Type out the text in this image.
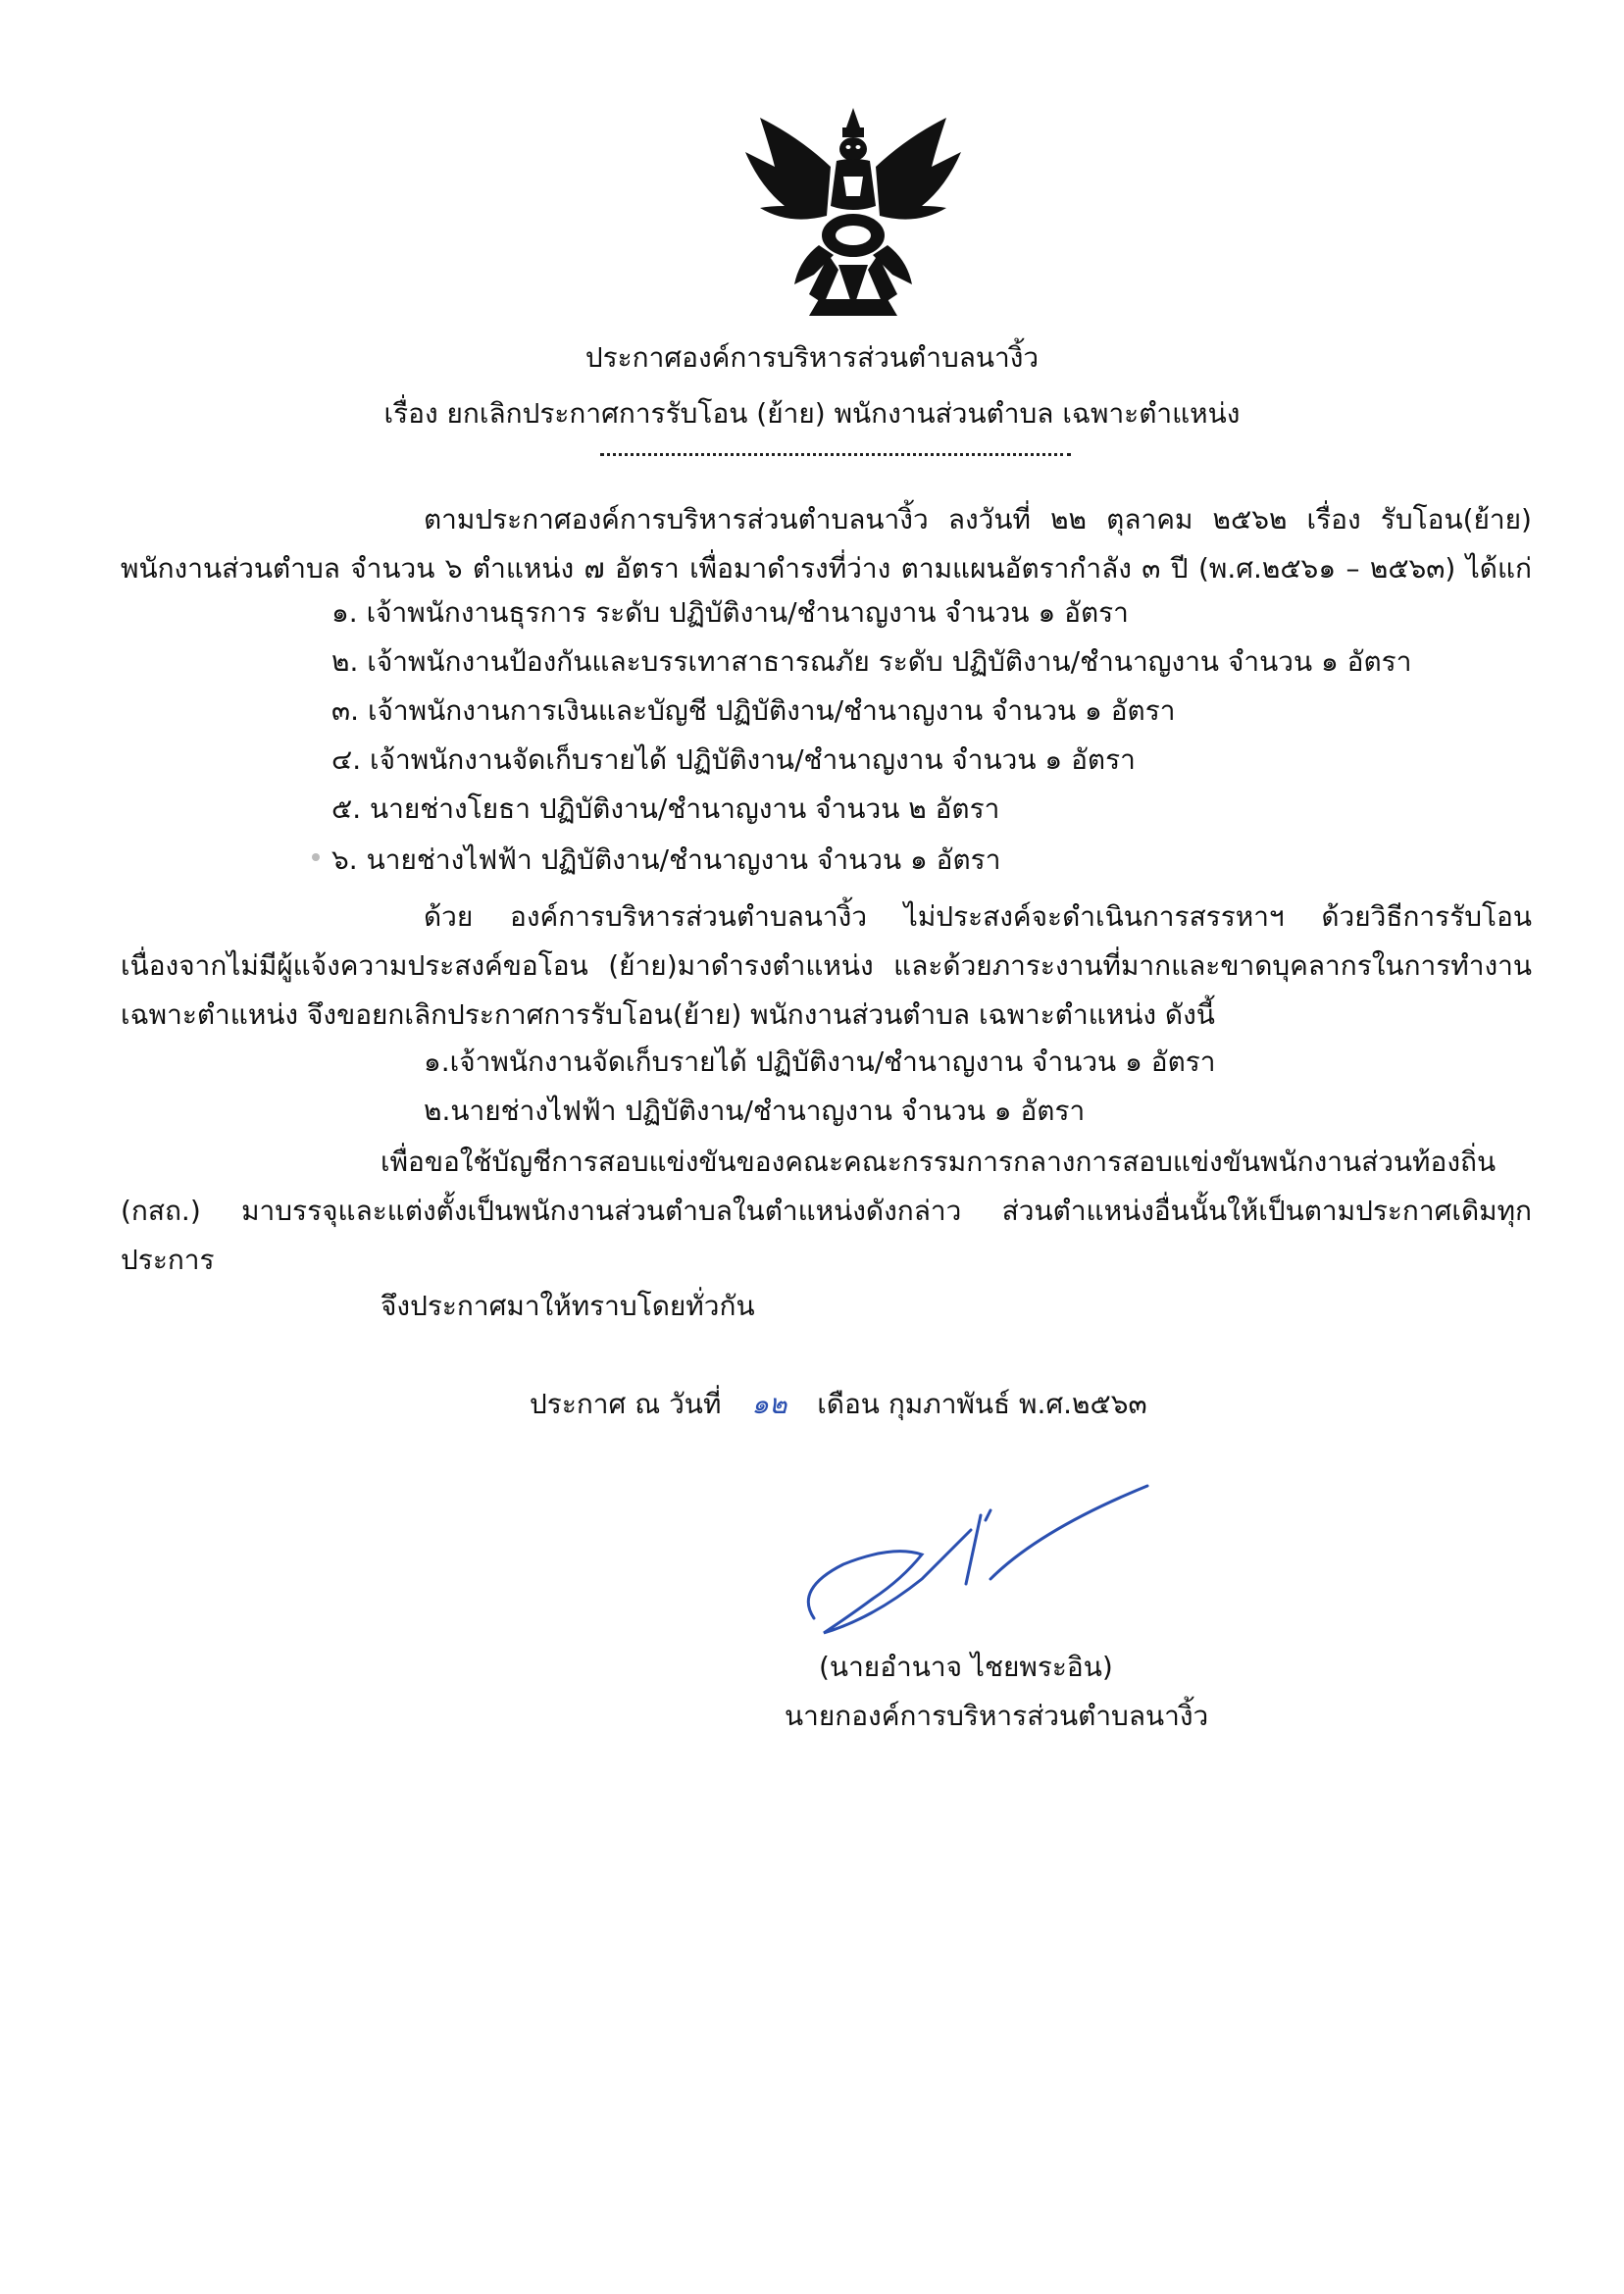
ประกาศองค์การบริหารส่วนตำบลนางิ้ว
เรื่อง ยกเลิกประกาศการรับโอน (ย้าย) พนักงานส่วนตำบล เฉพาะตำแหน่ง
ตามประกาศองค์การบริหารส่วนตำบลนางิ้ว ลงวันที่ ๒๒ ตุลาคม ๒๕๖๒ เรื่อง รับโอน(ย้าย)
พนักงานส่วนตำบล จำนวน ๖ ตำแหน่ง ๗ อัตรา เพื่อมาดำรงที่ว่าง ตามแผนอัตรากำลัง ๓ ปี (พ.ศ.๒๕๖๑ – ๒๕๖๓) ได้แก่
๑. เจ้าพนักงานธุรการ ระดับ ปฏิบัติงาน/ชำนาญงาน จำนวน ๑ อัตรา
๒. เจ้าพนักงานป้องกันและบรรเทาสาธารณภัย ระดับ ปฏิบัติงาน/ชำนาญงาน จำนวน ๑ อัตรา
๓. เจ้าพนักงานการเงินและบัญชี ปฏิบัติงาน/ชำนาญงาน จำนวน ๑ อัตรา
๔. เจ้าพนักงานจัดเก็บรายได้ ปฏิบัติงาน/ชำนาญงาน จำนวน ๑ อัตรา
๕. นายช่างโยธา ปฏิบัติงาน/ชำนาญงาน จำนวน ๒ อัตรา
๖. นายช่างไฟฟ้า ปฏิบัติงาน/ชำนาญงาน จำนวน ๑ อัตรา
ด้วย องค์การบริหารส่วนตำบลนางิ้ว ไม่ประสงค์จะดำเนินการสรรหาฯ ด้วยวิธีการรับโอน
เนื่องจากไม่มีผู้แจ้งความประสงค์ขอโอน (ย้าย)มาดำรงตำแหน่ง และด้วยภาระงานที่มากและขาดบุคลากรในการทำงาน
เฉพาะตำแหน่ง จึงขอยกเลิกประกาศการรับโอน(ย้าย) พนักงานส่วนตำบล เฉพาะตำแหน่ง ดังนี้
๑.เจ้าพนักงานจัดเก็บรายได้ ปฏิบัติงาน/ชำนาญงาน จำนวน ๑ อัตรา
๒.นายช่างไฟฟ้า ปฏิบัติงาน/ชำนาญงาน จำนวน ๑ อัตรา
เพื่อขอใช้บัญชีการสอบแข่งขันของคณะคณะกรรมการกลางการสอบแข่งขันพนักงานส่วนท้องถิ่น
(กสถ.) มาบรรจุและแต่งตั้งเป็นพนักงานส่วนตำบลในตำแหน่งดังกล่าว ส่วนตำแหน่งอื่นนั้นให้เป็นตามประกาศเดิมทุก
ประการ
จึงประกาศมาให้ทราบโดยทั่วกัน
ประกาศ ณ วันที่ ๑๒ เดือน กุมภาพันธ์ พ.ศ.๒๕๖๓
(นายอำนาจ ไชยพระอิน)
นายกองค์การบริหารส่วนตำบลนางิ้ว
